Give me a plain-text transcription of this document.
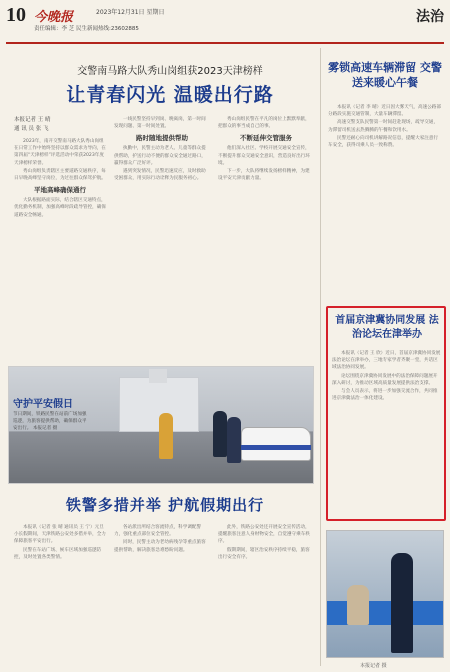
10 今晚报	2023年12月31日 星期日
责任编辑：李 芝 民生新闻热线:23602885
法治
交警南马路大队秀山岗组获2023天津榜样
让青春闪光 温暖出行路
本报记者 王 晴
通 讯 员 张 飞

2023年，南开交警南马路大队秀山岗组在日常工作中始终坚持以群众需求为导向，在第四届“天津榜样”评选活动中荣获2023年度天津榜样荣誉。

秀山岗组负责辖区主要道路交通秩序，每日早晚高峰坚守岗位，为过往群众保驾护航。

平地高峰确保通行

大队根据路面实际，结合辖区交通特点，优化勤务机制，加强高峰时段疏导管控，确保道路安全畅通。

一线民警坚持早到岗、晚离岗，第一时间发现问题、第一时间处置。

路时随地提供帮助

执勤中，民警主动为老人、儿童等群众提供帮助，护送行动不便的群众安全通过路口，赢得群众广泛好评。

遇到突发情况，民警迅速反应，及时救助受困群众，用实际行动诠释为民服务初心。

秀山岗组民警在平凡的岗位上默默奉献，把群众的事当成自己的事。

不断延伸交管服务

他们深入社区、学校开展交通安全宣传，不断提升群众交通安全意识，营造良好出行环境。

下一步，大队将继续发扬榜样精神，为建设平安天津贡献力量。

守护平安假日
节日期间，铁路民警在站前广场加强巡逻，为旅客提供帮助，确保群众平安出行。 本报记者 摄
铁警多措并举 护航假期出行

本报讯（记者 张 晴 通讯员 王 宁）元旦小长假期间，天津铁路公安处多措并举，全力保障旅客平安出行。

民警在车站广场、候车区域加强巡逻防控，及时处置各类警情。

各站派出所结合客流特点，科学调配警力，强化重点部位安全管控。

同时，民警主动为老幼病残孕等重点旅客提供帮助，解决旅客急难愁盼问题。

此外，铁路公安处还开展安全宣传活动，提醒旅客注意人身财物安全，自觉遵守乘车秩序。

假期期间，辖区治安秩序持续平稳，旅客出行安全有序。

雾锁高速车辆滞留 交警送来暖心午餐

本报讯（记者 李 晴）近日因大雾天气，高速公路部分路段实施交通管制，大量车辆滞留。

高速交警支队民警第一时间赶赴现场，疏导交通，为滞留司机送去热腾腾的午餐和饮用水。

民警还耐心向司机讲解路况信息，提醒大家注意行车安全，获得司乘人员一致称赞。

首届京津冀协同发展 法治论坛在津举办

本报讯（记者 王 欣）近日，首届京津冀协同发展法治论坛在津举办，三地专家学者齐聚一堂，共话区域法治协同发展。

论坛围绕京津冀协同发展中的法治保障问题展开深入研讨，为推动区域高质量发展提供法治支撑。

与会人员表示，将进一步加强交流合作，共同推进京津冀法治一体化建设。

本报记者 摄
